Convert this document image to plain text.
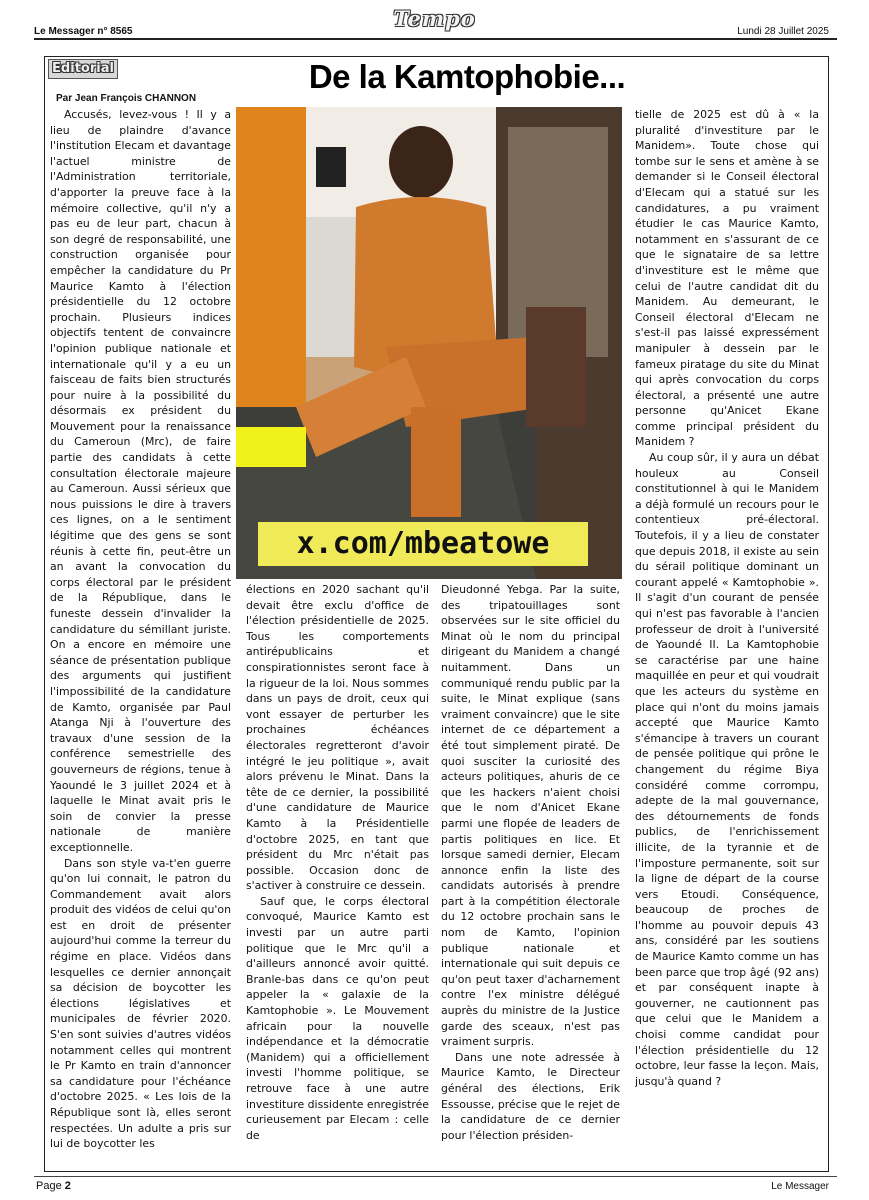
Le Messager n° 8565
Tempo
Lundi 28 Juillet 2025
Editorial	De la Kamtophobie...
Par Jean François CHANNON

Accusés, levez-vous ! Il y a lieu de plaindre d'avance l'institution Elecam et davantage l'actuel ministre de l'Administration territoriale, d'apporter la preuve face à la mémoire collective, qu'il n'y a pas eu de leur part, chacun à son degré de responsabilité, une construction organisée pour empêcher la candidature du Pr Maurice Kamto à l'élection présidentielle du 12 octobre prochain. Plusieurs indices objectifs tentent de convaincre l'opinion publique nationale et internationale qu'il y a eu un faisceau de faits bien structurés pour nuire à la possibilité du désormais ex président du Mouvement pour la renaissance du Cameroun (Mrc), de faire partie des candidats à cette consultation électorale majeure au Cameroun. Aussi sérieux que nous puissions le dire à travers ces lignes, on a le sentiment légitime que des gens se sont réunis à cette fin, peut-être un an avant la convocation du corps électoral par le président de la République, dans le funeste dessein d'invalider la candidature du sémillant juriste. On a encore en mémoire une séance de présentation publique des arguments qui justifient l'impossibilité de la candidature de Kamto, organisée par Paul Atanga Nji à l'ouverture des travaux d'une session de la conférence semestrielle des gouverneurs de régions, tenue à Yaoundé le 3 juillet 2024 et à laquelle le Minat avait pris le soin de convier la presse nationale de manière exceptionnelle.

Dans son style va-t'en guerre qu'on lui connait, le patron du Commandement avait alors produit des vidéos de celui qu'on est en droit de présenter aujourd'hui comme la terreur du régime en place. Vidéos dans lesquelles ce dernier annonçait sa décision de boycotter les élections législatives et municipales de février 2020. S'en sont suivies d'autres vidéos notamment celles qui montrent le Pr Kamto en train d'annoncer sa candidature pour l'échéance d'octobre 2025. « Les lois de la République sont là, elles seront respectées. Un adulte a pris sur lui de boycotter les

x.com/mbeatowe

élections en 2020 sachant qu'il devait être exclu d'office de l'élection présidentielle de 2025. Tous les comportements antirépublicains et conspirationnistes seront face à la rigueur de la loi. Nous sommes dans un pays de droit, ceux qui vont essayer de perturber les prochaines échéances électorales regretteront d'avoir intégré le jeu politique », avait alors prévenu le Minat. Dans la tête de ce dernier, la possibilité d'une candidature de Maurice Kamto à la Présidentielle d'octobre 2025, en tant que président du Mrc n'était pas possible. Occasion donc de s'activer à construire ce dessein.

Sauf que, le corps électoral convoqué, Maurice Kamto est investi par un autre parti politique que le Mrc qu'il a d'ailleurs annoncé avoir quitté. Branle-bas dans ce qu'on peut appeler la « galaxie de la Kamtophobie ». Le Mouvement africain pour la nouvelle indépendance et la démocratie (Manidem) qui a officiellement investi l'homme politique, se retrouve face à une autre investiture dissidente enregistrée curieusement par Elecam : celle de

Dieudonné Yebga. Par la suite, des tripatouillages sont observées sur le site officiel du Minat où le nom du principal dirigeant du Manidem a changé nuitamment. Dans un communiqué rendu public par la suite, le Minat explique (sans vraiment convaincre) que le site internet de ce département a été tout simplement piraté. De quoi susciter la curiosité des acteurs politiques, ahuris de ce que les hackers n'aient choisi que le nom d'Anicet Ekane parmi une flopée de leaders de partis politiques en lice. Et lorsque samedi dernier, Elecam annonce enfin la liste des candidats autorisés à prendre part à la compétition électorale du 12 octobre prochain sans le nom de Kamto, l'opinion publique nationale et internationale qui suit depuis ce qu'on peut taxer d'acharnement contre l'ex ministre délégué auprès du ministre de la Justice garde des sceaux, n'est pas vraiment surpris.

Dans une note adressée à Maurice Kamto, le Directeur général des élections, Erik Essousse, précise que le rejet de la candidature de ce dernier pour l'élection présiden-

tielle de 2025 est dû à « la pluralité d'investiture par le Manidem». Toute chose qui tombe sur le sens et amène à se demander si le Conseil électoral d'Elecam qui a statué sur les candidatures, a pu vraiment étudier le cas Maurice Kamto, notamment en s'assurant de ce que le signataire de sa lettre d'investiture est le même que celui de l'autre candidat dit du Manidem. Au demeurant, le Conseil électoral d'Elecam ne s'est-il pas laissé expressément manipuler à dessein par le fameux piratage du site du Minat qui après convocation du corps électoral, a présenté une autre personne qu'Anicet Ekane comme principal président du Manidem ?

Au coup sûr, il y aura un débat houleux au Conseil constitutionnel à qui le Manidem a déjà formulé un recours pour le contentieux pré-électoral. Toutefois, il y a lieu de constater que depuis 2018, il existe au sein du sérail politique dominant un courant appelé « Kamtophobie ». Il s'agit d'un courant de pensée qui n'est pas favorable à l'ancien professeur de droit à l'université de Yaoundé II. La Kamtophobie se caractérise par une haine maquillée en peur et qui voudrait que les acteurs du système en place qui n'ont du moins jamais accepté que Maurice Kamto s'émancipe à travers un courant de pensée politique qui prône le changement du régime Biya considéré comme corrompu, adepte de la mal gouvernance, des détournements de fonds publics, de l'enrichissement illicite, de la tyrannie et de l'imposture permanente, soit sur la ligne de départ de la course vers Etoudi. Conséquence, beaucoup de proches de l'homme au pouvoir depuis 43 ans, considéré par les soutiens de Maurice Kamto comme un has been parce que trop âgé (92 ans) et par conséquent inapte à gouverner, ne cautionnent pas que celui que le Manidem a choisi comme candidat pour l'élection présidentielle du 12 octobre, leur fasse la leçon. Mais, jusqu'à quand ?

Page 2	Le Messager
